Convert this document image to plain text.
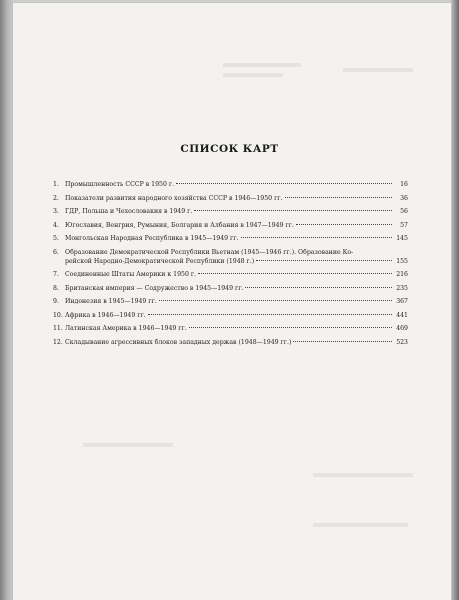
СПИСОК КАРТ
1. Промышленность СССР в 1950 г.	16
2. Показатели развития народного хозяйства СССР в 1946—1950 гг.	36
3. ГДР, Польша и Чехословакия в 1949 г.	56
4. Югославия, Венгрия, Румыния, Болгария и Албания в 1947—1949 гг.	57
5. Монгольская Народная Республика в 1945—1949 гг.	145
6. Образование Демократической Республики Вьетнам (1945—1946 гг.). Образование Ко-
рейской Народно-Демократической Республики (1948 г.)	155
7. Соединенные Штаты Америки к 1950 г.	216
8. Британская империя — Содружество в 1945—1949 гг.	235
9. Индонезия в 1945—1949 гг.	367
10. Африка в 1946—1949 гг.	441
11. Латинская Америка в 1946—1949 гг.	469
12. Складывание агрессивных блоков западных держав (1948—1949 гг.)	523
